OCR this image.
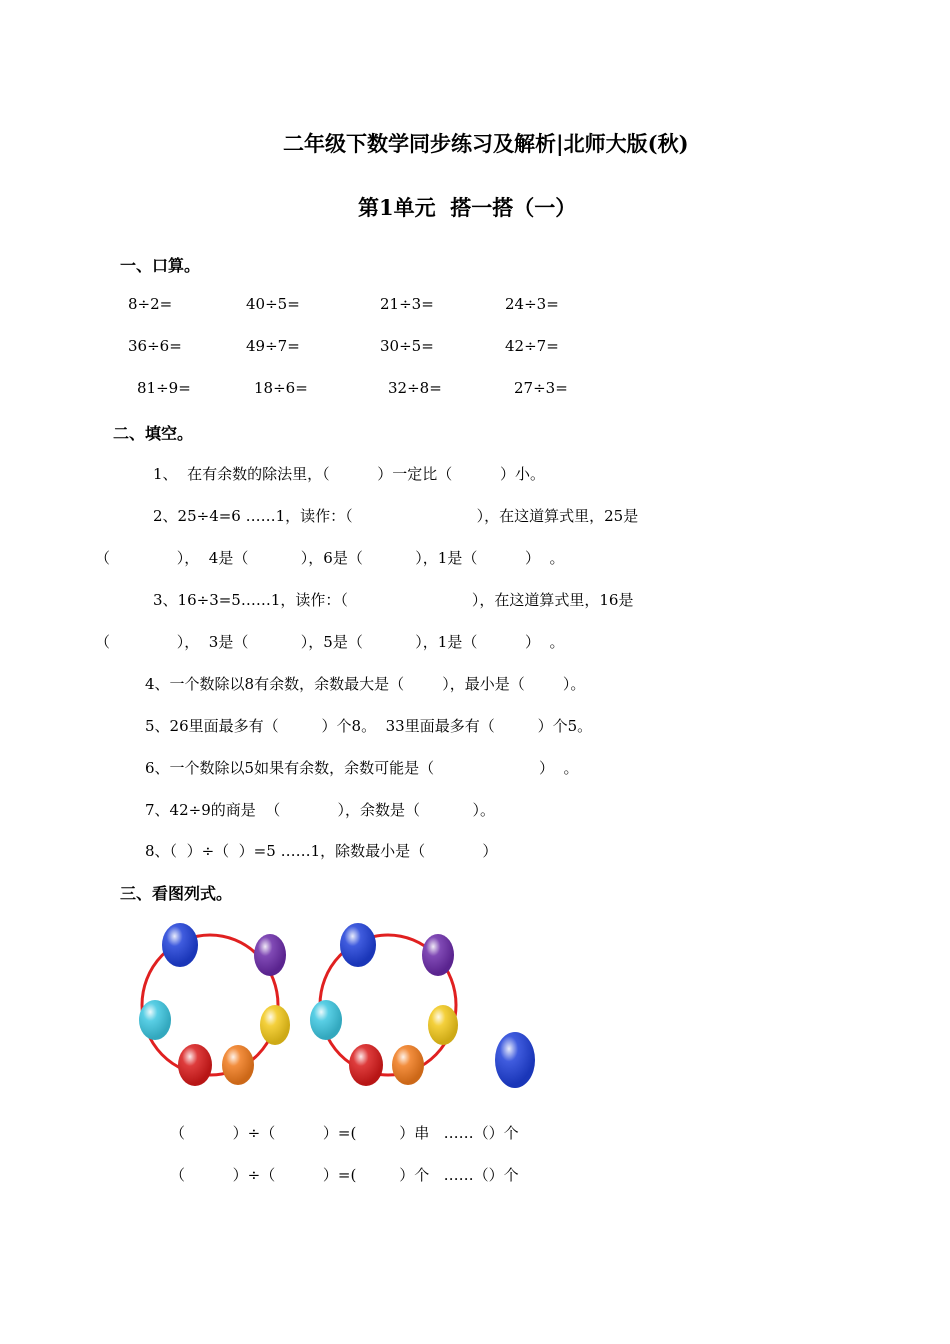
二年级下数学同步练习及解析|北师大版(秋)
第1单元  搭一搭（一）
一、口算。
8÷2=	40÷5=	21÷3=	24÷3=
36÷6=	49÷7=	30÷5=	42÷7=
81÷9=	18÷6=	32÷8=	27÷3=
二、填空。
1、  在有余数的除法里，（          ）一定比（          ）小。
2、25÷4=6 ……1，读作：（                          ），在这道算式里，25是
（              ），  4是（           ），6是（           ），1是（          ）  。
3、16÷3=5……1，读作：（                          ），在这道算式里，16是
（              ），  3是（           ），5是（           ），1是（          ）  。
4、一个数除以8有余数，余数最大是（        ），最小是（        ）。
5、26里面最多有（         ）个8。  33里面最多有（         ）个5。
6、一个数除以5如果有余数，余数可能是（                      ）  。
7、42÷9的商是  （            ），余数是（           ）。
8、（  ）÷（  ）=5 ……1，除数最小是（            ）
三、看图列式。
（          ）÷（          ）=(         ）串   ……（）个
（          ）÷（          ）=(         ）个   ……（）个
